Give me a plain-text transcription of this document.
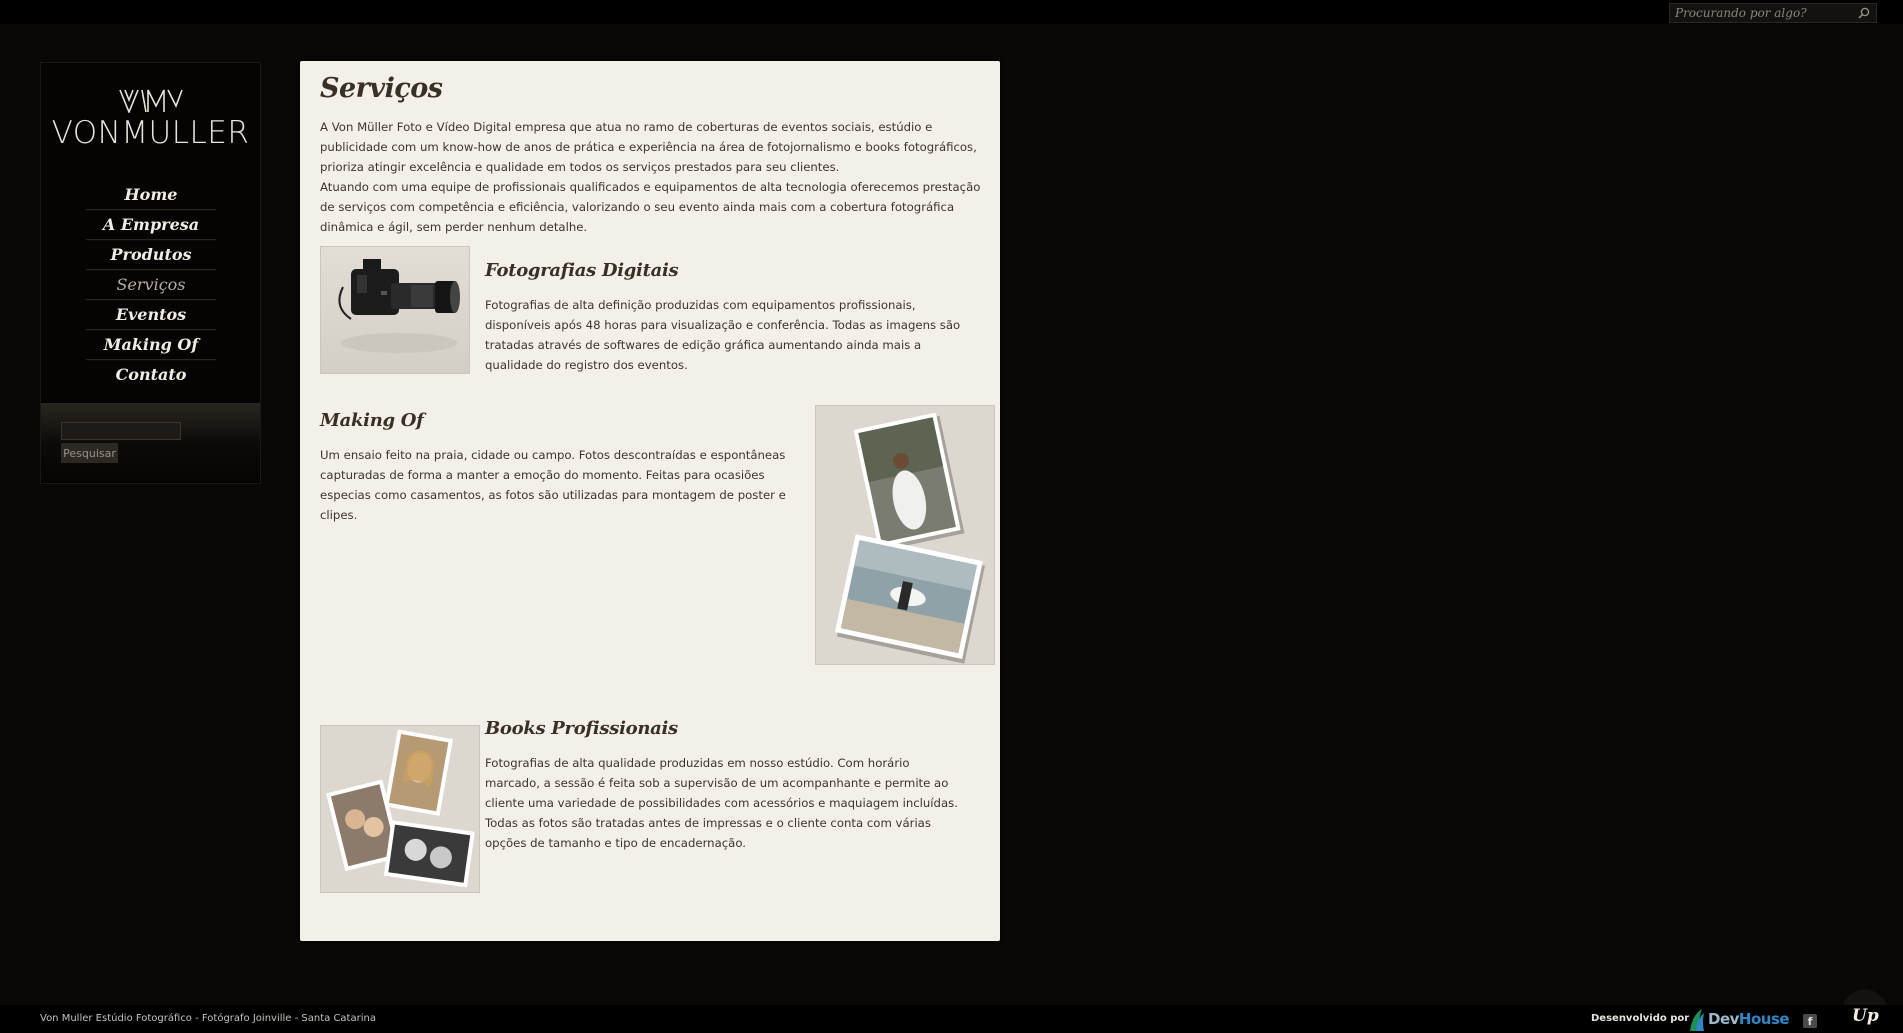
Procurando por algo?
VONMULLER
Home
A Empresa
Produtos
Serviços
Eventos
Making Of
Contato
Pesquisar
Serviços

A Von Müller Foto e Vídeo Digital empresa que atua no ramo de coberturas de eventos sociais, estúdio e publicidade com um know-how de anos de prática e experiência na área de fotojornalismo e books fotográficos, prioriza atingir excelência e qualidade em todos os serviços prestados para seu clientes.

Atuando com uma equipe de profissionais qualificados e equipamentos de alta tecnologia oferecemos prestação de serviços com competência e eficiência, valorizando o seu evento ainda mais com a cobertura fotográfica dinâmica e ágil, sem perder nenhum detalhe.

Fotografias Digitais

Fotografias de alta definição produzidas com equipamentos profissionais, disponíveis após 48 horas para visualização e conferência. Todas as imagens são tratadas através de softwares de edição gráfica aumentando ainda mais a qualidade do registro dos eventos.

Making Of

Um ensaio feito na praia, cidade ou campo. Fotos descontraídas e espontâneas capturadas de forma a manter a emoção do momento. Feitas para ocasiões especias como casamentos, as fotos são utilizadas para montagem de poster e clipes.

Books Profissionais

Fotografias de alta qualidade produzidas em nosso estúdio. Com horário marcado, a sessão é feita sob a supervisão de um acompanhante e permite ao cliente uma variedade de possibilidades com acessórios e maquiagem incluídas. Todas as fotos são tratadas antes de impressas e o cliente conta com várias opções de tamanho e tipo de encadernação.

Von Muller Estúdio Fotográfico - Fotógrafo Joinville - Santa Catarina	Desenvolvido por DevHouse	f Up
